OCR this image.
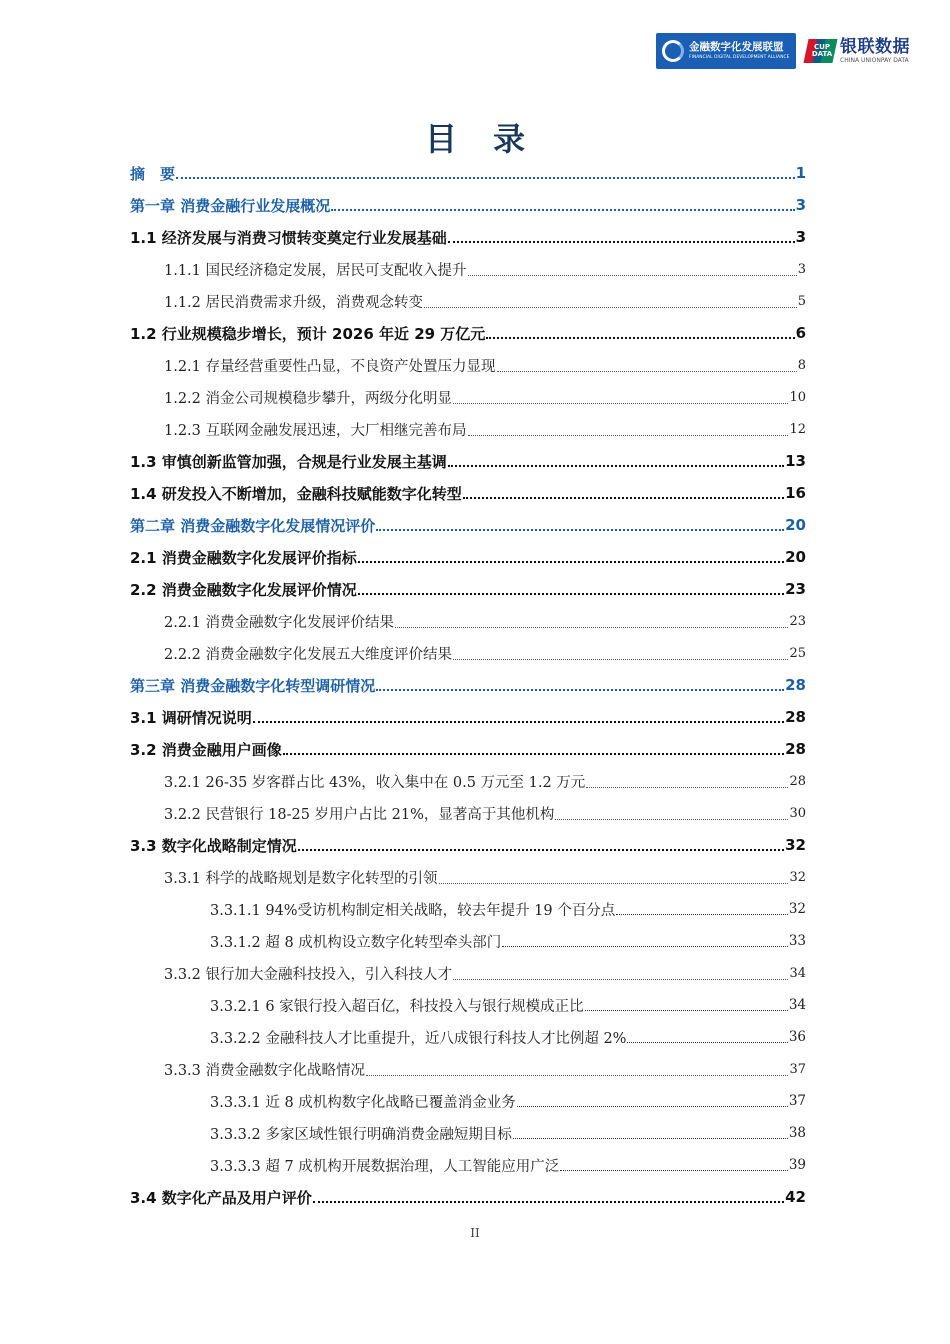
金融数字化发展联盟
FINANCIAL DIGITAL DEVELOPMENT ALLIANCE
CUP DATA 银联数据
CHINA UNIONPAY DATA
目录
摘　要	1
第一章 消费金融行业发展概况	3
1.1 经济发展与消费习惯转变奠定行业发展基础	3
1.1.1 国民经济稳定发展，居民可支配收入提升	3
1.1.2 居民消费需求升级，消费观念转变	5
1.2 行业规模稳步增长，预计 2026 年近 29 万亿元	6
1.2.1 存量经营重要性凸显，不良资产处置压力显现	8
1.2.2 消金公司规模稳步攀升，两级分化明显	10
1.2.3 互联网金融发展迅速，大厂相继完善布局	12
1.3 审慎创新监管加强，合规是行业发展主基调	13
1.4 研发投入不断增加，金融科技赋能数字化转型	16
第二章 消费金融数字化发展情况评价	20
2.1 消费金融数字化发展评价指标	20
2.2 消费金融数字化发展评价情况	23
2.2.1 消费金融数字化发展评价结果	23
2.2.2 消费金融数字化发展五大维度评价结果	25
第三章 消费金融数字化转型调研情况	28
3.1 调研情况说明	28
3.2 消费金融用户画像	28
3.2.1 26-35 岁客群占比 43%，收入集中在 0.5 万元至 1.2 万元	28
3.2.2 民营银行 18-25 岁用户占比 21%，显著高于其他机构	30
3.3 数字化战略制定情况	32
3.3.1 科学的战略规划是数字化转型的引领	32
3.3.1.1 94%受访机构制定相关战略，较去年提升 19 个百分点	32
3.3.1.2 超 8 成机构设立数字化转型牵头部门	33
3.3.2 银行加大金融科技投入，引入科技人才	34
3.3.2.1 6 家银行投入超百亿，科技投入与银行规模成正比	34
3.3.2.2 金融科技人才比重提升，近八成银行科技人才比例超 2%	36
3.3.3 消费金融数字化战略情况	37
3.3.3.1 近 8 成机构数字化战略已覆盖消金业务	37
3.3.3.2 多家区域性银行明确消费金融短期目标	38
3.3.3.3 超 7 成机构开展数据治理，人工智能应用广泛	39
3.4 数字化产品及用户评价	42
II
